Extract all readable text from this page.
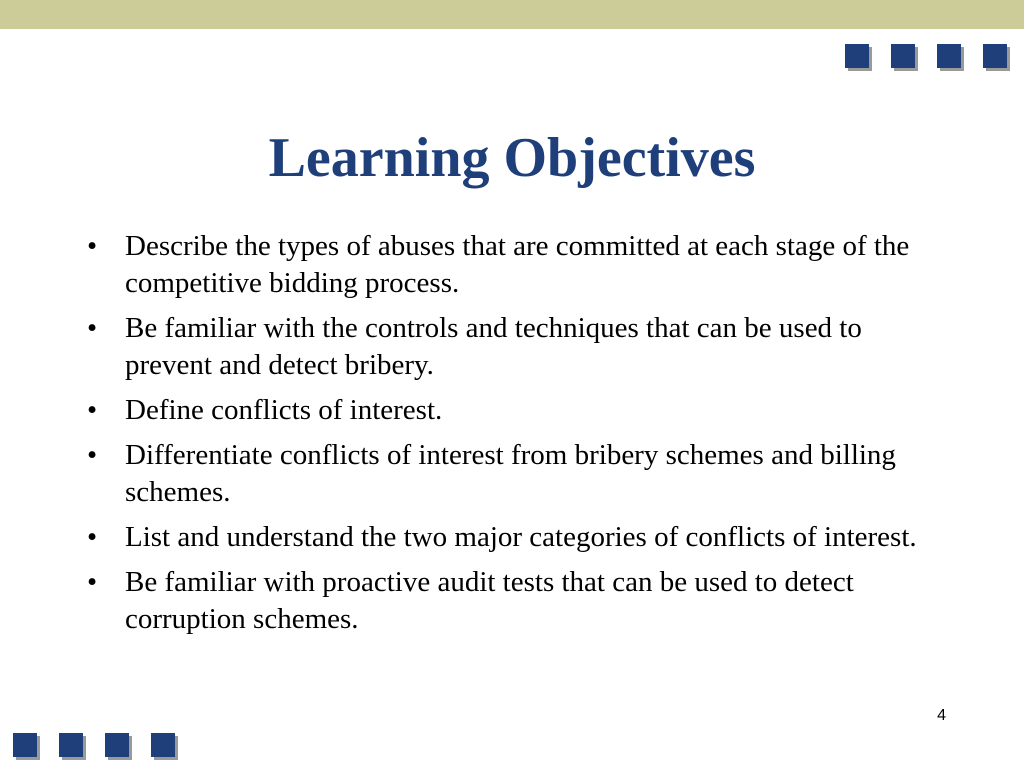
Learning Objectives
• Describe the types of abuses that are committed at each stage of the competitive bidding process.
• Be familiar with the controls and techniques that can be used to prevent and detect bribery.
• Define conflicts of interest.
• Differentiate conflicts of interest from bribery schemes and billing schemes.
• List and understand the two major categories of conflicts of interest.
• Be familiar with proactive audit tests that can be used to detect corruption schemes.
4
